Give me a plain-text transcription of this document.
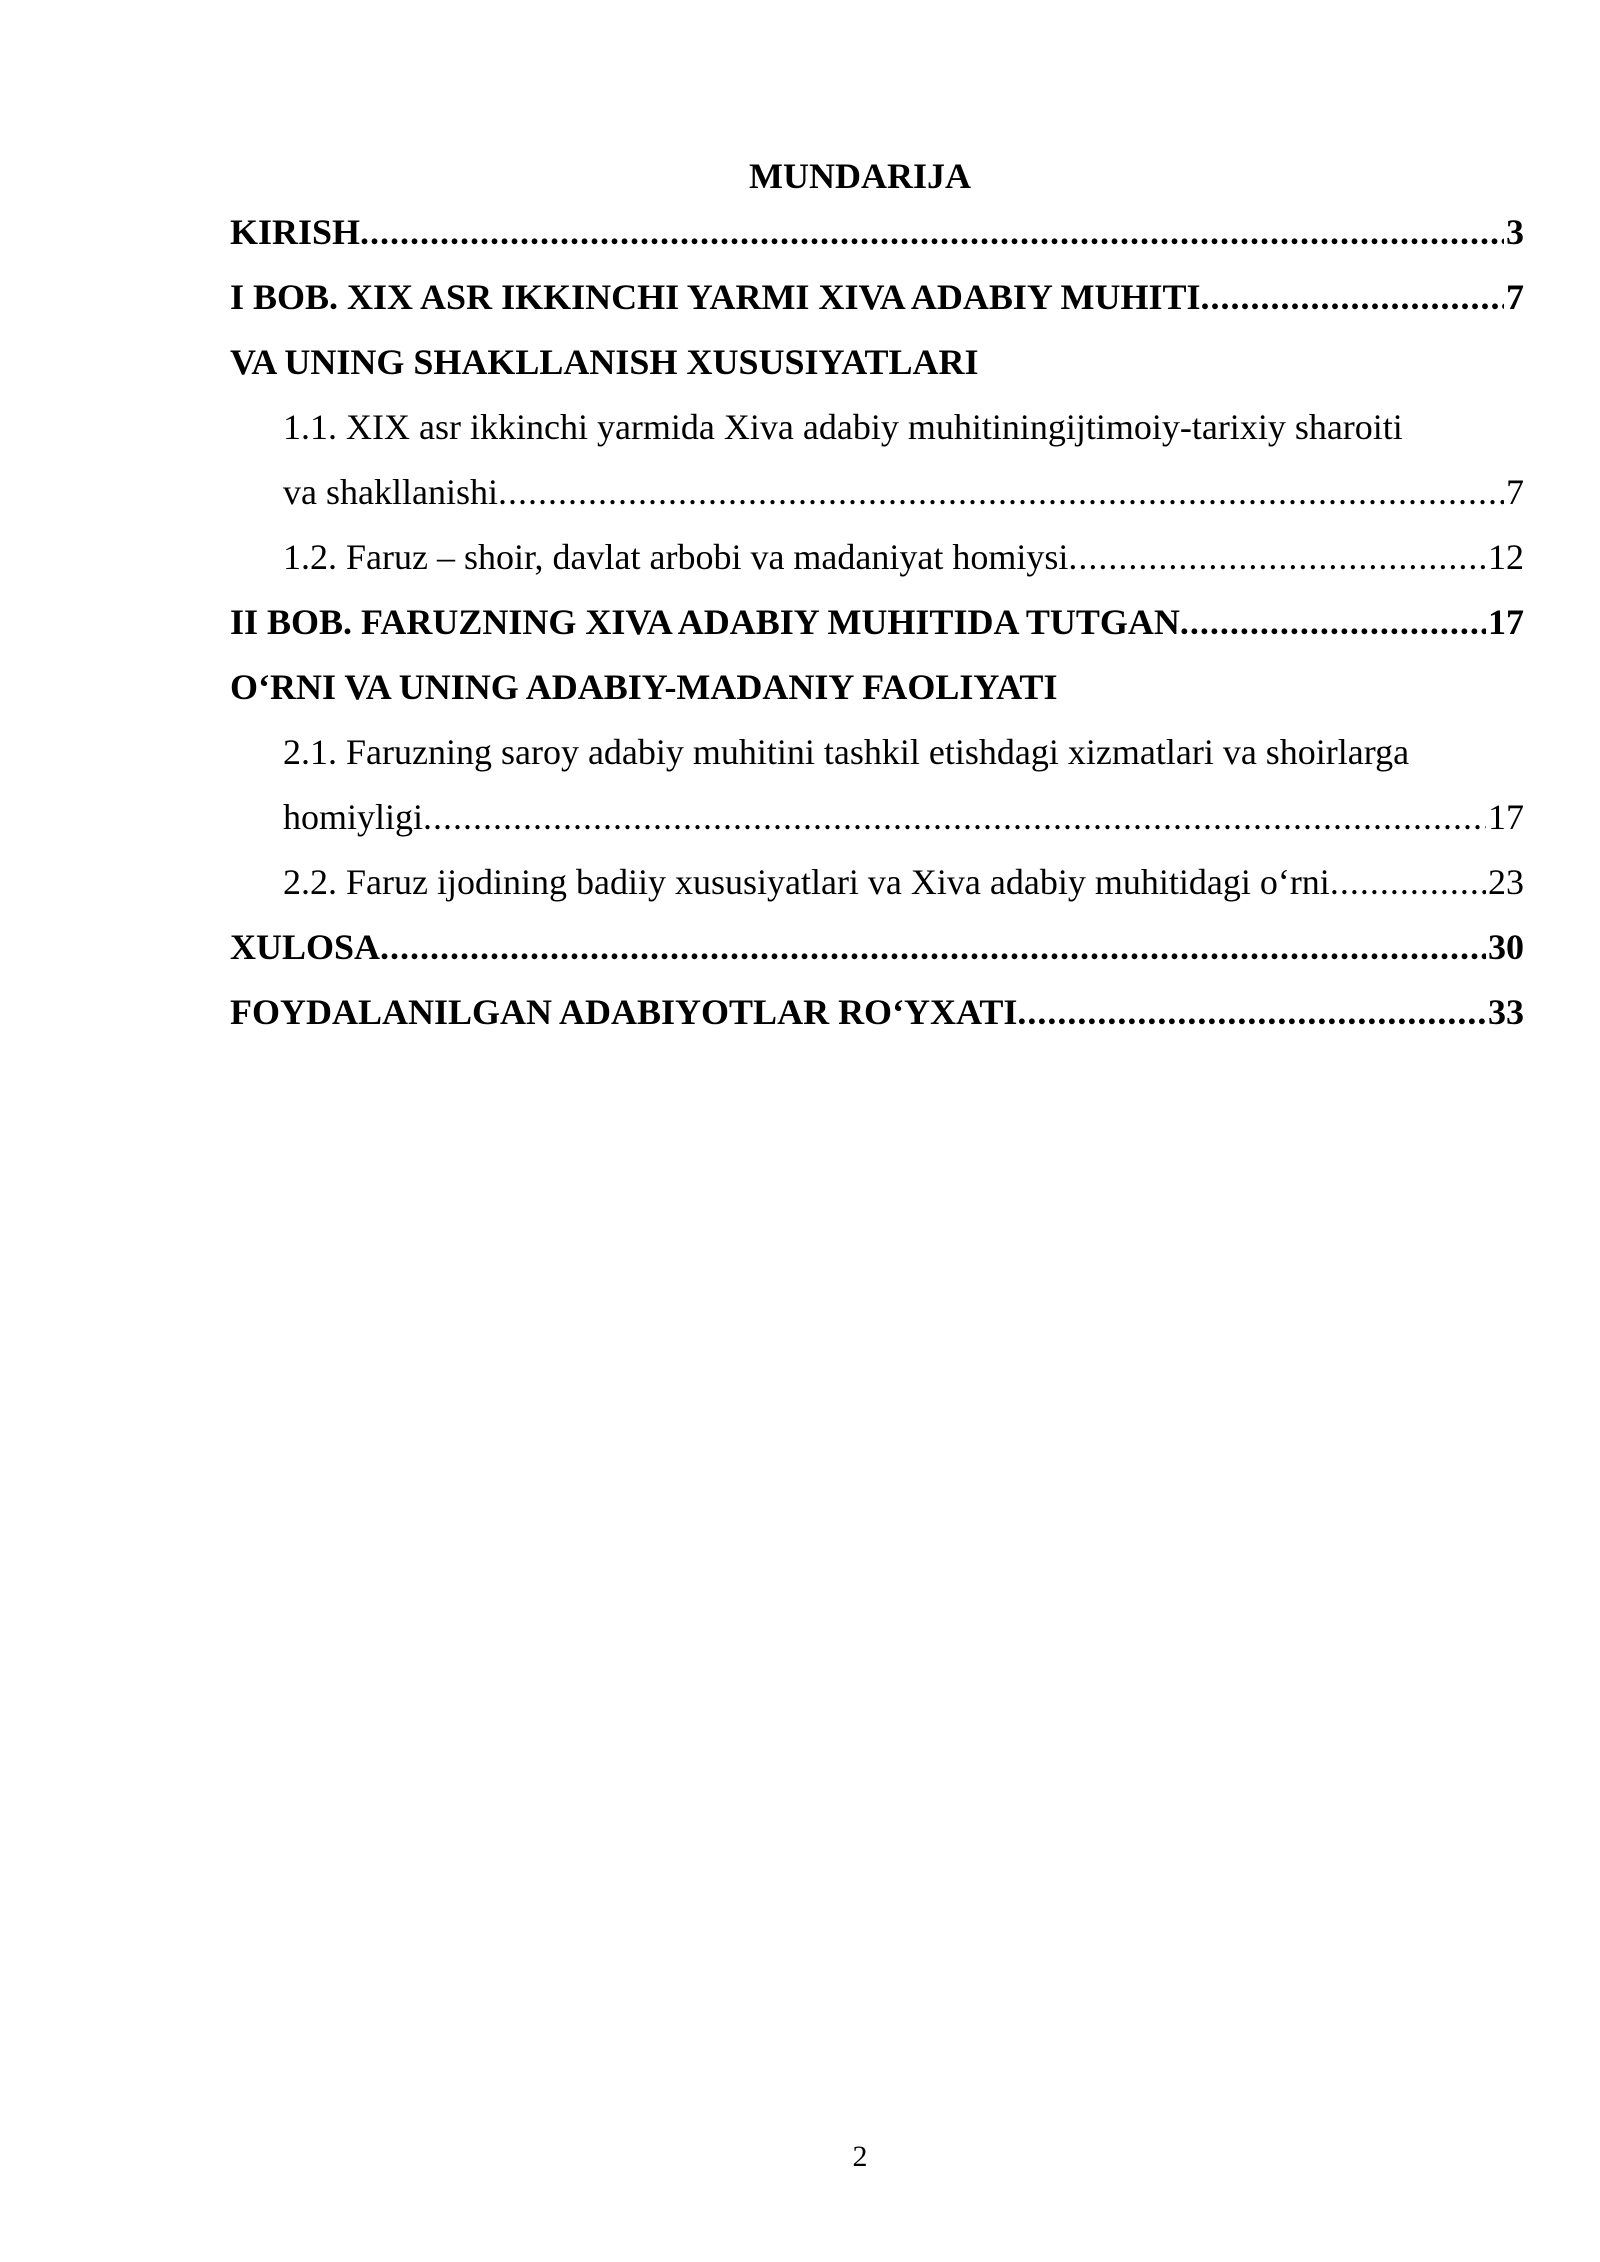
MUNDARIJA
KIRISH .....	3
I BOB. XIX ASR IKKINCHI YARMI XIVA ADABIY MUHITI .....	7
VA UNING SHAKLLANISH XUSUSIYATLARI
1.1. XIX asr ikkinchi yarmida Xiva adabiy muhitiningijtimoiy-tarixiy sharoiti
va shakllanishi .....	7
1.2. Faruz – shoir, davlat arbobi va madaniyat homiysi .....	12
II BOB. FARUZNING XIVA ADABIY MUHITIDA TUTGAN .....	17
O‘RNI VA UNING ADABIY-MADANIY FAOLIYATI
2.1. Faruzning saroy adabiy muhitini tashkil etishdagi xizmatlari va shoirlarga
homiyligi .....	17
2.2. Faruz ijodining badiiy xususiyatlari va Xiva adabiy muhitidagi o‘rni .....	23
XULOSA .....	30
FOYDALANILGAN ADABIYOTLAR RO‘YXATI .....	33
2
